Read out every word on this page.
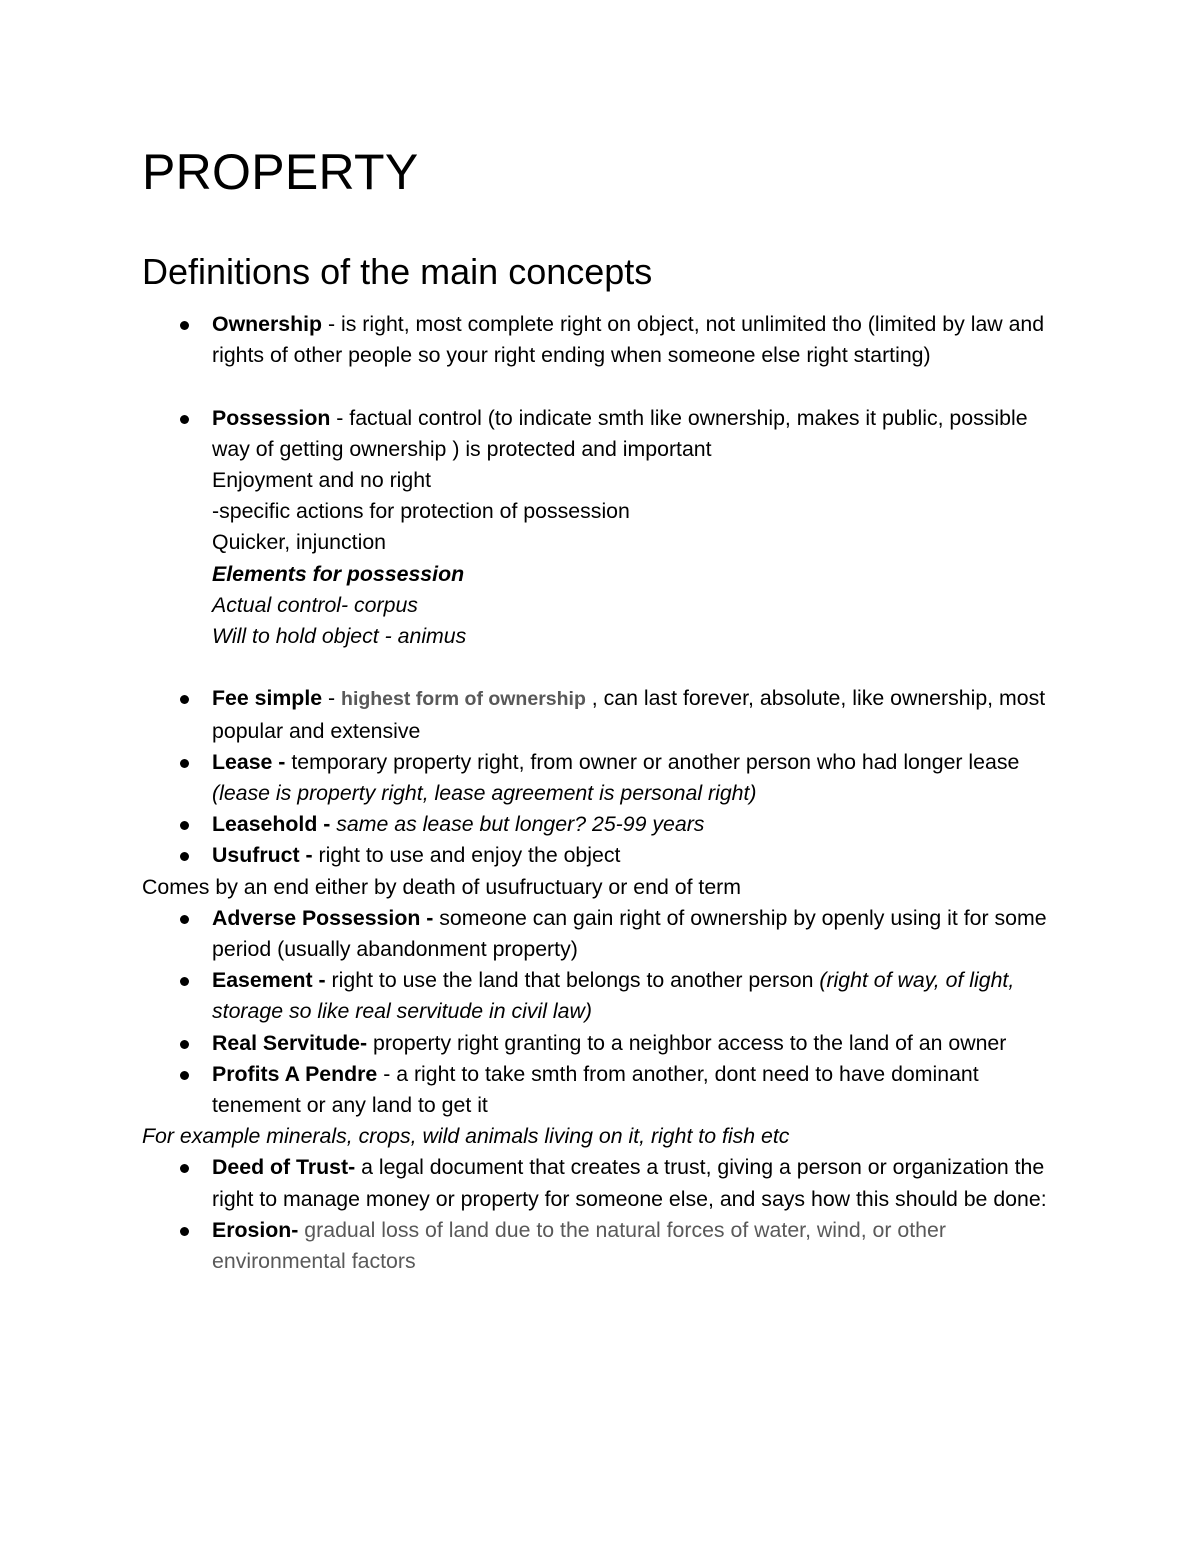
PROPERTY
Definitions of the main concepts
Ownership - is right, most complete right on object, not unlimited tho (limited by law and rights of other people so your right ending when someone else right starting)
Possession - factual control (to indicate smth like ownership, makes it public, possible way of getting ownership ) is protected and important
Enjoyment and no right
-specific actions for protection of possession
Quicker, injunction
Elements for possession
Actual control- corpus
Will to hold object - animus
Fee simple - highest form of ownership , can last forever, absolute, like ownership, most popular and extensive
Lease - temporary property right, from owner or another person who had longer lease (lease is property right, lease agreement is personal right)
Leasehold - same as lease but longer? 25-99 years
Usufruct - right to use and enjoy the object
Comes by an end either by death of usufructuary or end of term
Adverse Possession - someone can gain right of ownership by openly using it for some period (usually abandonment property)
Easement - right to use the land that belongs to another person (right of way, of light, storage so like real servitude in civil law)
Real Servitude- property right granting to a neighbor access to the land of an owner
Profits A Pendre - a right to take smth from another, dont need to have dominant tenement or any land to get it
For example minerals, crops, wild animals living on it, right to fish etc
Deed of Trust- a legal document that creates a trust, giving a person or organization the right to manage money or property for someone else, and says how this should be done:
Erosion- gradual loss of land due to the natural forces of water, wind, or other environmental factors
